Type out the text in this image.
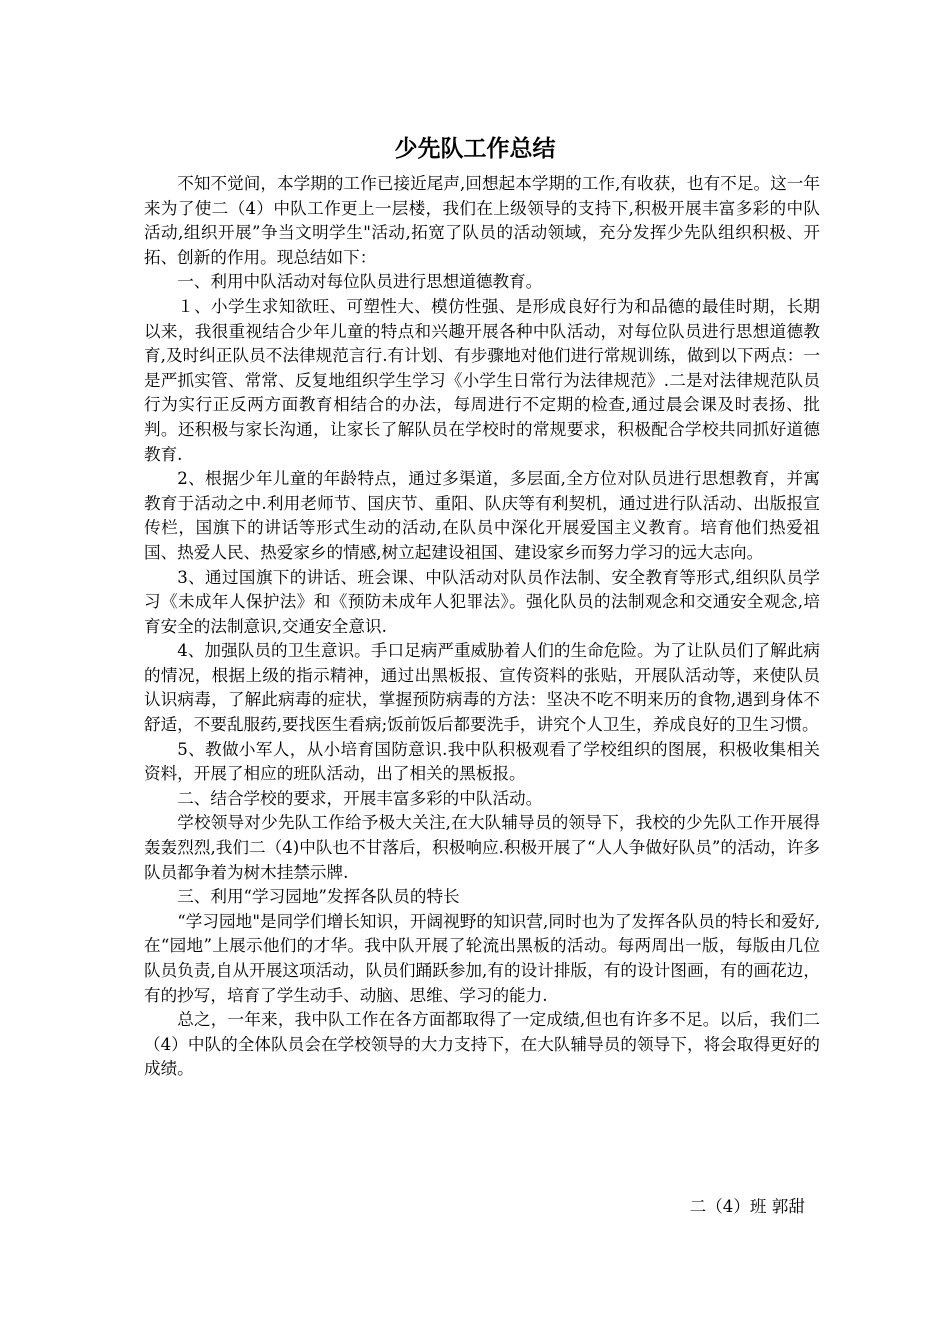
少先队工作总结

不知不觉间，本学期的工作已接近尾声,回想起本学期的工作,有收获，也有不足。这一年来为了使二（4）中队工作更上一层楼，我们在上级领导的支持下,积极开展丰富多彩的中队活动,组织开展”争当文明学生"活动,拓宽了队员的活动领域，充分发挥少先队组织积极、开拓、创新的作用。现总结如下：

一、利用中队活动对每位队员进行思想道德教育。

１、小学生求知欲旺、可塑性大、模仿性强、是形成良好行为和品德的最佳时期，长期以来，我很重视结合少年儿童的特点和兴趣开展各种中队活动，对每位队员进行思想道德教育,及时纠正队员不法律规范言行.有计划、有步骤地对他们进行常规训练，做到以下两点：一是严抓实管、常常、反复地组织学生学习《小学生日常行为法律规范》.二是对法律规范队员行为实行正反两方面教育相结合的办法，每周进行不定期的检查,通过晨会课及时表扬、批判。还积极与家长沟通，让家长了解队员在学校时的常规要求，积极配合学校共同抓好道德教育.

2、根据少年儿童的年龄特点，通过多渠道，多层面,全方位对队员进行思想教育，并寓教育于活动之中.利用老师节、国庆节、重阳、队庆等有利契机，通过进行队活动、出版报宣传栏，国旗下的讲话等形式生动的活动,在队员中深化开展爱国主义教育。培育他们热爱祖国、热爱人民、热爱家乡的情感,树立起建设祖国、建设家乡而努力学习的远大志向。

3、通过国旗下的讲话、班会课、中队活动对队员作法制、安全教育等形式,组织队员学习《未成年人保护法》和《预防未成年人犯罪法》。强化队员的法制观念和交通安全观念,培育安全的法制意识,交通安全意识.

4、加强队员的卫生意识。手口足病严重威胁着人们的生命危险。为了让队员们了解此病的情况，根据上级的指示精神，通过出黑板报、宣传资料的张贴，开展队活动等，来使队员认识病毒，了解此病毒的症状，掌握预防病毒的方法：坚决不吃不明来历的食物,遇到身体不舒适，不要乱服药,要找医生看病;饭前饭后都要洗手，讲究个人卫生，养成良好的卫生习惯。

5、教做小军人，从小培育国防意识.我中队积极观看了学校组织的图展，积极收集相关资料，开展了相应的班队活动，出了相关的黑板报。

二、结合学校的要求，开展丰富多彩的中队活动。

学校领导对少先队工作给予极大关注,在大队辅导员的领导下，我校的少先队工作开展得轰轰烈烈,我们二（4)中队也不甘落后，积极响应.积极开展了“人人争做好队员”的活动，许多队员都争着为树木挂禁示牌.

三、利用“学习园地”发挥各队员的特长

“学习园地"是同学们增长知识，开阔视野的知识营,同时也为了发挥各队员的特长和爱好,在“园地”上展示他们的才华。我中队开展了轮流出黑板的活动。每两周出一版，每版由几位队员负责,自从开展这项活动，队员们踊跃参加,有的设计排版，有的设计图画，有的画花边，有的抄写，培育了学生动手、动脑、思维、学习的能力.

总之，一年来，我中队工作在各方面都取得了一定成绩,但也有许多不足。以后，我们二（4）中队的全体队员会在学校领导的大力支持下，在大队辅导员的领导下，将会取得更好的成绩。

二（4）班 郭甜
